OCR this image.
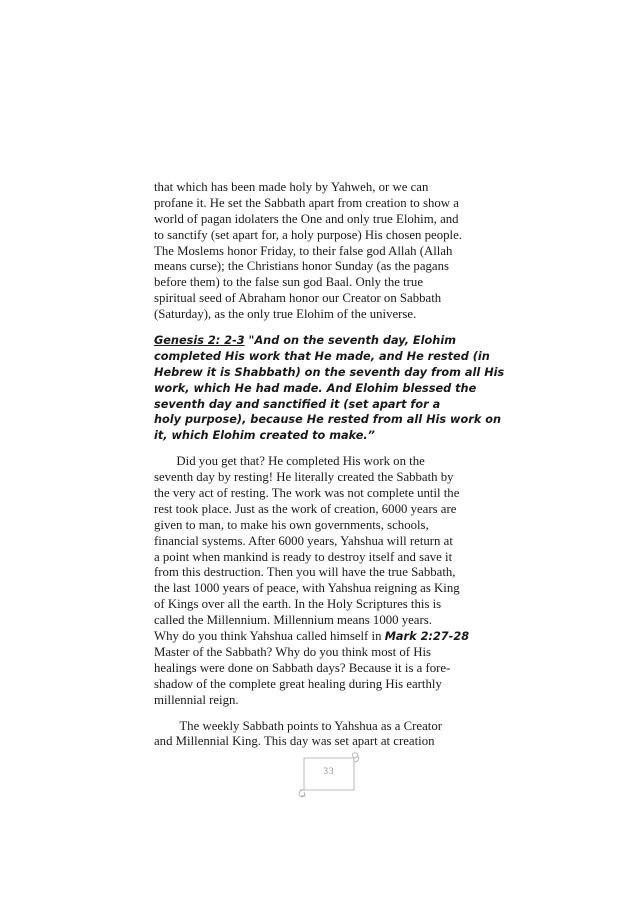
that which has been made holy by Yahweh, or we can
profane it. He set the Sabbath apart from creation to show a
world of pagan idolaters the One and only true Elohim, and
to sanctify (set apart for, a holy purpose) His chosen people.
The Moslems honor Friday, to their false god Allah (Allah
means curse); the Christians honor Sunday (as the pagans
before them) to the false sun god Baal. Only the true
spiritual seed of Abraham honor our Creator on Sabbath
(Saturday), as the only true Elohim of the universe.
Genesis 2: 2-3 "And on the seventh day, Elohim
completed His work that He made, and He rested (in
Hebrew it is Shabbath) on the seventh day from all His
work, which He had made. And Elohim blessed the
seventh day and sanctified it (set apart for a
holy purpose), because He rested from all His work on
it, which Elohim created to make.”
Did you get that? He completed His work on the
seventh day by resting! He literally created the Sabbath by
the very act of resting. The work was not complete until the
rest took place. Just as the work of creation, 6000 years are
given to man, to make his own governments, schools,
financial systems. After 6000 years, Yahshua will return at
a point when mankind is ready to destroy itself and save it
from this destruction. Then you will have the true Sabbath,
the last 1000 years of peace, with Yahshua reigning as King
of Kings over all the earth. In the Holy Scriptures this is
called the Millennium. Millennium means 1000 years.
Why do you think Yahshua called himself in Mark 2:27-28
Master of the Sabbath? Why do you think most of His
healings were done on Sabbath days? Because it is a fore-
shadow of the complete great healing during His earthly
millennial reign.
The weekly Sabbath points to Yahshua as a Creator
and Millennial King. This day was set apart at creation
33
